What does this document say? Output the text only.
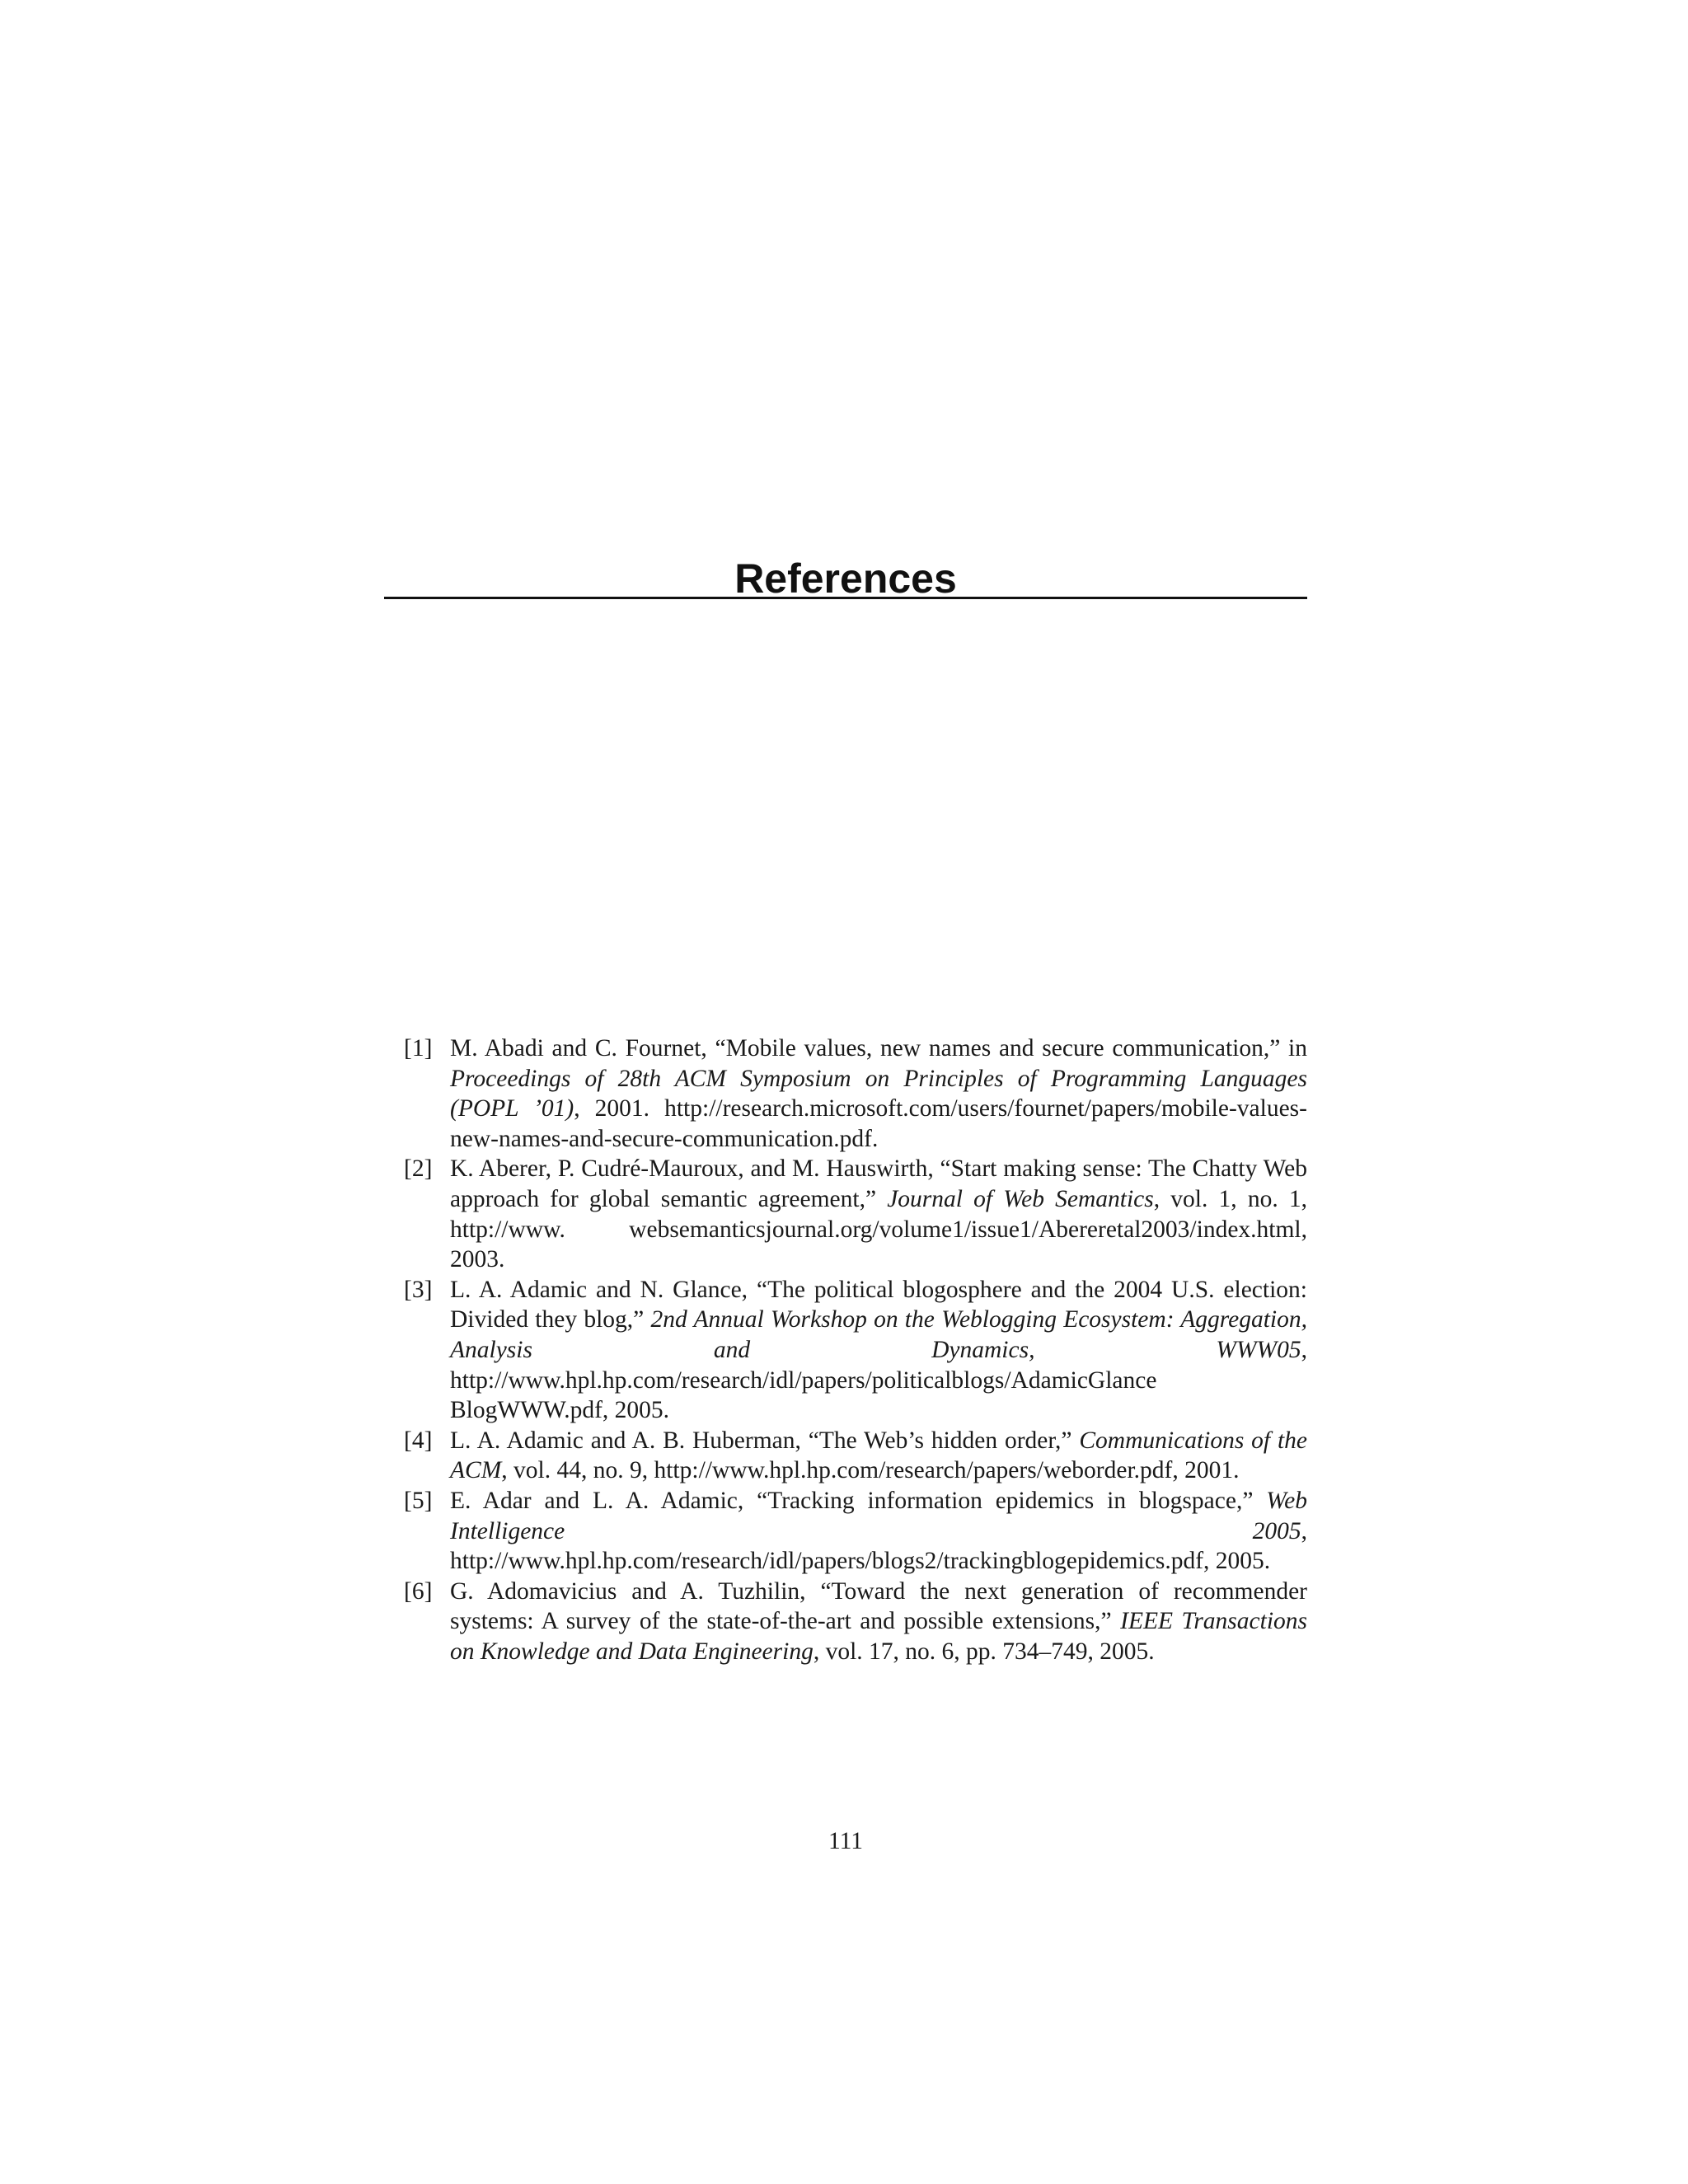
References
[1] M. Abadi and C. Fournet, “Mobile values, new names and secure communication,” in Proceedings of 28th ACM Symposium on Principles of Programming Languages (POPL ’01), 2001. http://research.microsoft.com/users/fournet/papers/mobile-values-new-names-and-secure-communication.pdf.
[2] K. Aberer, P. Cudré-Mauroux, and M. Hauswirth, “Start making sense: The Chatty Web approach for global semantic agreement,” Journal of Web Semantics, vol. 1, no. 1, http://www. websemanticsjournal.org/volume1/issue1/Abereretal2003/index.html, 2003.
[3] L. A. Adamic and N. Glance, “The political blogosphere and the 2004 U.S. election: Divided they blog,” 2nd Annual Workshop on the Weblogging Ecosystem: Aggregation, Analysis and Dynamics, WWW05, http://www.hpl.hp.com/research/idl/papers/politicalblogs/AdamicGlance BlogWWW.pdf, 2005.
[4] L. A. Adamic and A. B. Huberman, “The Web’s hidden order,” Communications of the ACM, vol. 44, no. 9, http://www.hpl.hp.com/research/papers/weborder.pdf, 2001.
[5] E. Adar and L. A. Adamic, “Tracking information epidemics in blogspace,” Web Intelligence 2005, http://www.hpl.hp.com/research/idl/papers/blogs2/trackingblogepidemics.pdf, 2005.
[6] G. Adomavicius and A. Tuzhilin, “Toward the next generation of recommender systems: A survey of the state-of-the-art and possible extensions,” IEEE Transactions on Knowledge and Data Engineering, vol. 17, no. 6, pp. 734–749, 2005.
111
